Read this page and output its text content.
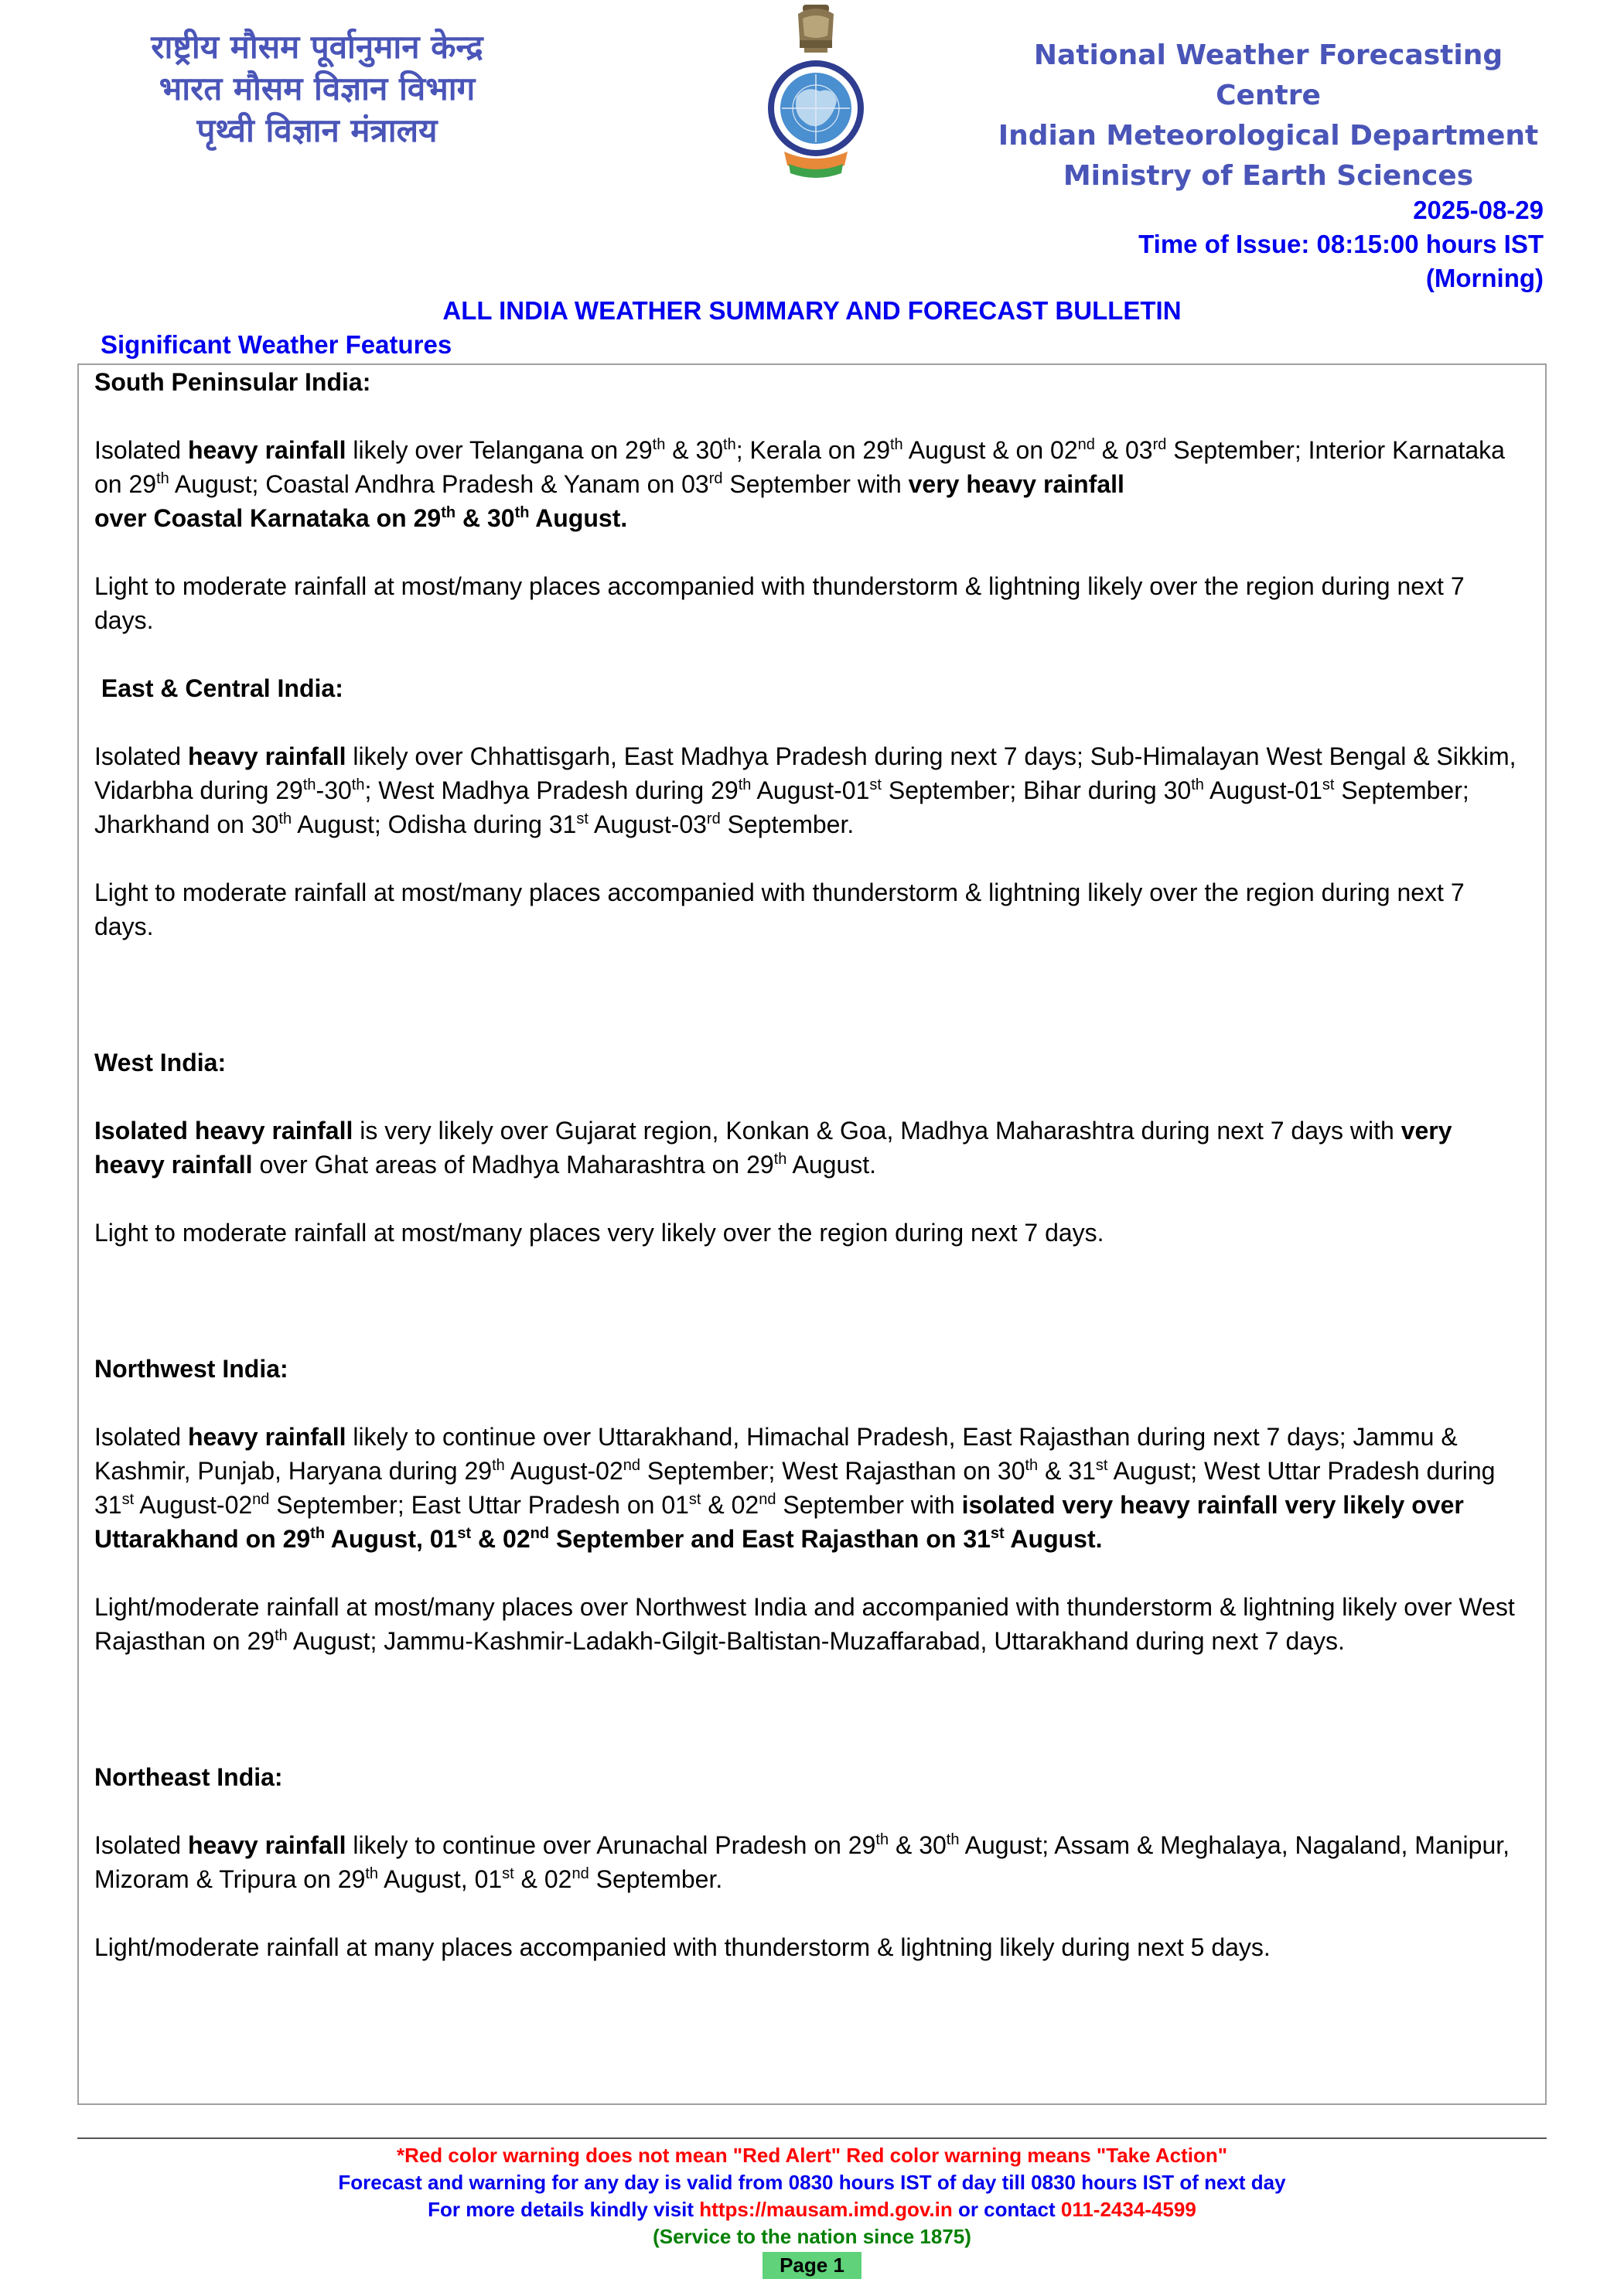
राष्ट्रीय मौसम पूर्वानुमान केन्द्र
भारत मौसम विज्ञान विभाग
पृथ्वी विज्ञान मंत्रालय
National Weather Forecasting Centre
Indian Meteorological Department
Ministry of Earth Sciences
2025-08-29
Time of Issue: 08:15:00 hours IST
(Morning)
ALL INDIA WEATHER SUMMARY AND FORECAST BULLETIN
Significant Weather Features
South Peninsular India:

Isolated heavy rainfall likely over Telangana on 29th & 30th; Kerala on 29th August & on 02nd & 03rd September; Interior Karnataka on 29th August; Coastal Andhra Pradesh & Yanam on 03rd September with very heavy rainfall
over Coastal Karnataka on 29th & 30th August.

Light to moderate rainfall at most/many places accompanied with thunderstorm & lightning likely over the region during next 7 days.

East & Central India:

Isolated heavy rainfall likely over Chhattisgarh, East Madhya Pradesh during next 7 days; Sub-Himalayan West Bengal & Sikkim, Vidarbha during 29th-30th; West Madhya Pradesh during 29th August-01st September; Bihar during 30th August-01st September; Jharkhand on 30th August; Odisha during 31st August-03rd September.

Light to moderate rainfall at most/many places accompanied with thunderstorm & lightning likely over the region during next 7 days.

West India:

Isolated heavy rainfall is very likely over Gujarat region, Konkan & Goa, Madhya Maharashtra during next 7 days with very heavy rainfall over Ghat areas of Madhya Maharashtra on 29th August.

Light to moderate rainfall at most/many places very likely over the region during next 7 days.

Northwest India:

Isolated heavy rainfall likely to continue over Uttarakhand, Himachal Pradesh, East Rajasthan during next 7 days; Jammu & Kashmir, Punjab, Haryana during 29th August-02nd September; West Rajasthan on 30th & 31st August; West Uttar Pradesh during 31st August-02nd September; East Uttar Pradesh on 01st & 02nd September with isolated very heavy rainfall very likely over Uttarakhand on 29th August, 01st & 02nd September and East Rajasthan on 31st August.

Light/moderate rainfall at most/many places over Northwest India and accompanied with thunderstorm & lightning likely over West Rajasthan on 29th August; Jammu-Kashmir-Ladakh-Gilgit-Baltistan-Muzaffarabad, Uttarakhand during next 7 days.

Northeast India:

Isolated heavy rainfall likely to continue over Arunachal Pradesh on 29th & 30th August; Assam & Meghalaya, Nagaland, Manipur, Mizoram & Tripura on 29th August, 01st & 02nd September.

Light/moderate rainfall at many places accompanied with thunderstorm & lightning likely during next 5 days.

*Red color warning does not mean "Red Alert" Red color warning means "Take Action"
Forecast and warning for any day is valid from 0830 hours IST of day till 0830 hours IST of next day
For more details kindly visit https://mausam.imd.gov.in or contact 011-2434-4599
(Service to the nation since 1875)
Page 1
